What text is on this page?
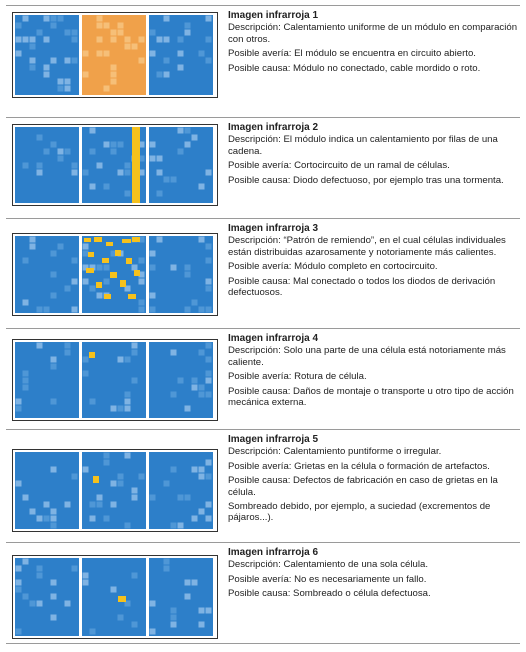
Imagen infrarroja 1

Descripción: Calentamiento uniforme de un módulo en comparación con otros.

Posible avería: El módulo se encuentra en circuito abierto.

Posible causa: Módulo no conectado, cable mordido o roto.

Imagen infrarroja 2

Descripción: El módulo indica un calentamiento por filas de una cadena.

Posible avería: Cortocircuito de un ramal de células.

Posible causa: Diodo defectuoso, por ejemplo tras una tormenta.

Imagen infrarroja 3

Descripción: “Patrón de remiendo”, en el cual células individuales están distribuidas azarosamente y notoriamente más calientes.

Posible avería: Módulo completo en cortocircuito.

Posible causa: Mal conectado o todos los diodos de derivación defectuosos.

Imagen infrarroja 4

Descripción: Solo una parte de una célula está notoriamente más caliente.

Posible avería: Rotura de célula.

Posible causa: Daños de montaje o transporte u otro tipo de acción mecánica externa.

Imagen infrarroja 5

Descripción: Calentamiento puntiforme o irregular.

Posible avería: Grietas en la célula o formación de artefactos.

Posible causa: Defectos de fabricación en caso de grietas en la célula.

Sombreado debido, por ejemplo, a suciedad (excrementos de pájaros...).

Imagen infrarroja 6

Descripción: Calentamiento de una sola célula.

Posible avería: No es necesariamente un fallo.

Posible causa: Sombreado o célula defectuosa.
